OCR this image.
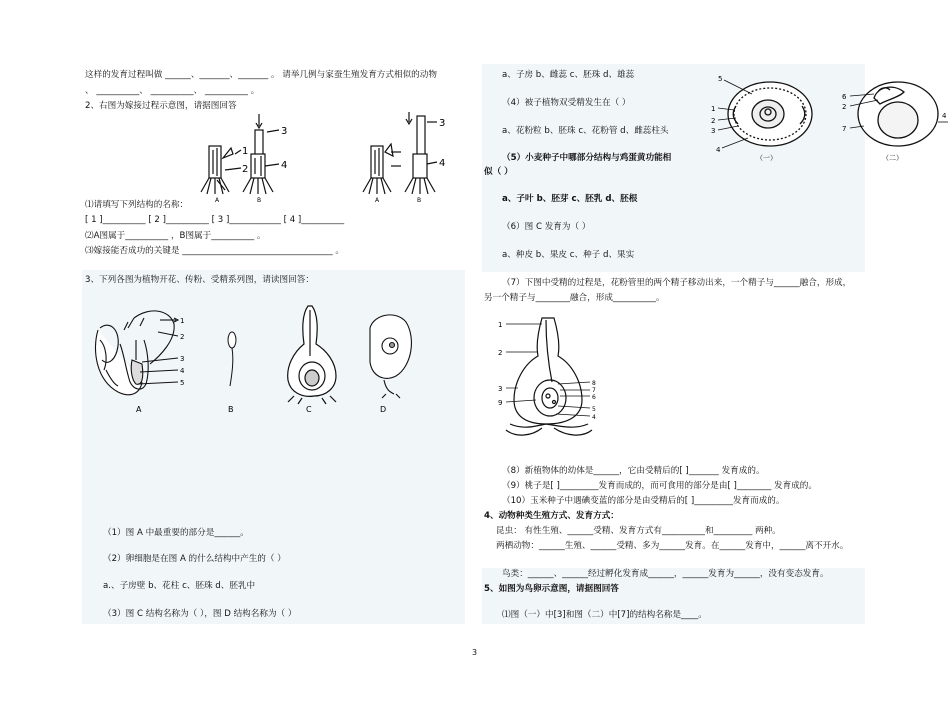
这样的发育过程叫做 ______、_______、_______ 。 请举几例与家蚕生殖发育方式相似的动物
、 __________、 __________、 __________ 。
2、右图为嫁接过程示意图，请据图回答
1
2
3
4
A	B
3
4
A	B
⑴请填写下列结构的名称：
[ 1 ]__________ [ 2 ]__________ [ 3 ]____________ [ 4 ]__________
⑵A图属于__________ ，B图属于__________ 。
⑶嫁接能否成功的关键是 ___________________________________ 。
3、下列各图为植物开花、传粉、受精系列图，请读图回答：
1
2
3
4
5
A	B	C	D
（1）图 A 中最重要的部分是______。
（2）卵细胞是在图 A 的什么结构中产生的（ ）
a.、子房壁 b、花柱 c、胚珠 d、胚乳中
（3）图 C 结构名称为（ ），图 D 结构名称为（ ）
a、子房 b、雌蕊 c、胚珠 d、雄蕊
（4）被子植物双受精发生在（ ）
a、花粉粒 b、胚珠 c、花粉管 d、雌蕊柱头
（5）小麦种子中哪部分结构与鸡蛋黄功能相
似（ ）
a、子叶 b、胚芽 c、胚乳 d、胚根
（6）图 C 发育为（ ）
a、种皮 b、果皮 c、种子 d、果实
5
1
2
3
4
（一）
6
2
7
4
（二）
（7）下图中受精的过程是，花粉管里的两个精子移动出来，一个精子与______融合，形成，
另一个精子与________融合，形成__________。
1
2
3
9
8
7
6
5
4
（8）新植物体的幼体是______，它由受精后的[ ]_______ 发育成的。
（9）桃子是[ ]_________发育而成的，而可食用的部分是由[ ]________ 发育成的。
（10）玉米种子中遇碘变蓝的部分是由受精后的[ ]_________发育而成的。
4、动物种类生殖方式、发育方式：
昆虫： 有性生殖、______受精、发育方式有__________和_________ 两种。
两栖动物：______生殖、______受精、多为______发育。在______发育中，______离不开水。
鸟类：______、______经过孵化发育成______，______发育为______，没有变态发育。
5、如图为鸟卵示意图，请据图回答
⑴图（一）中[3]和图（二）中[7]的结构名称是____。
3
